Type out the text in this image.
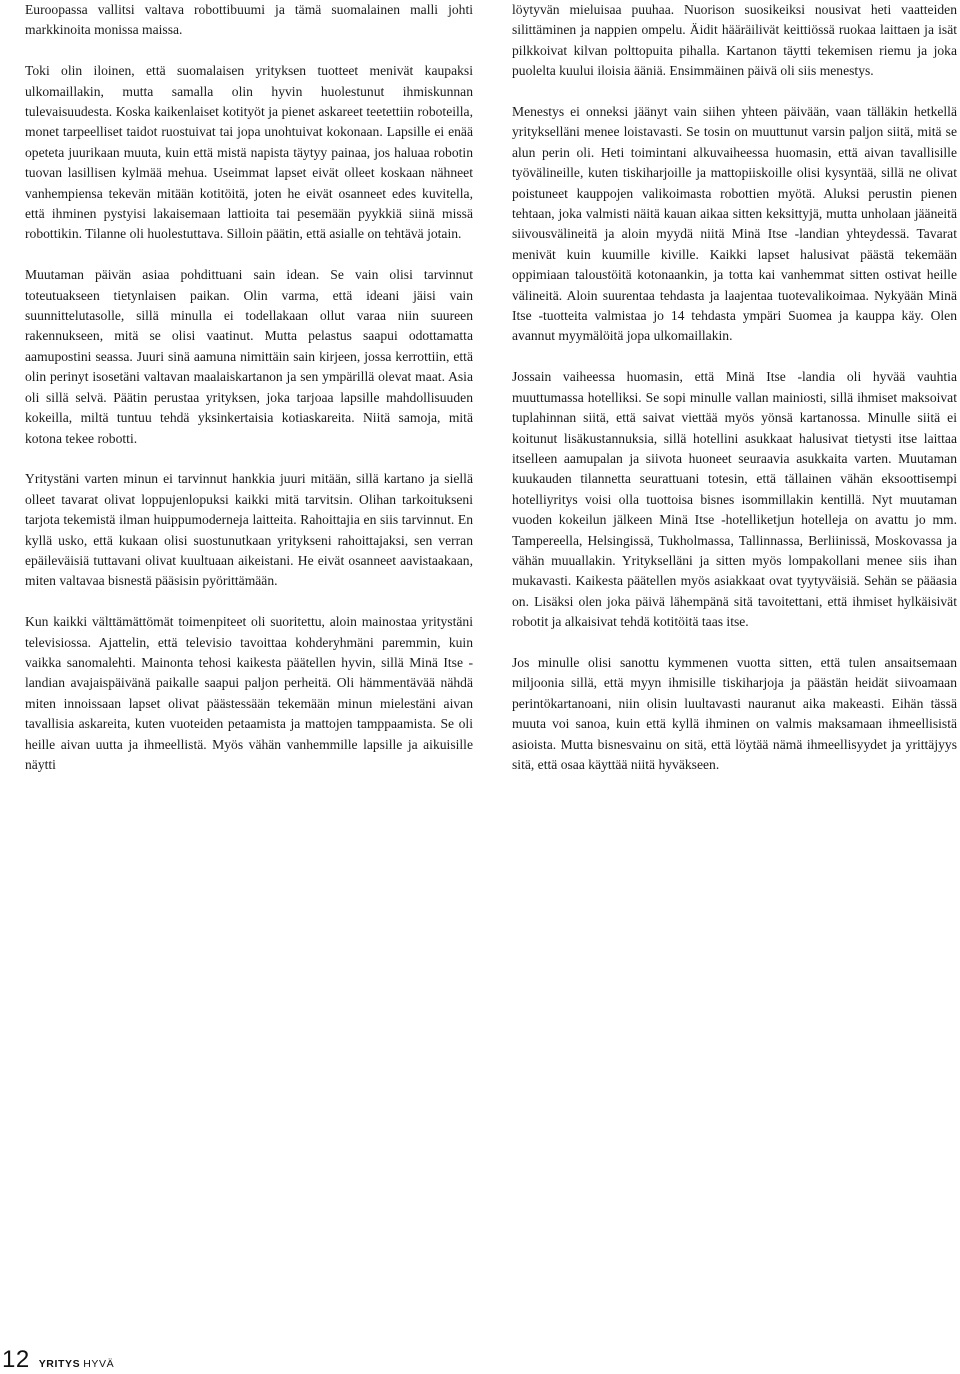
Euroopassa vallitsi valtava robottibuumi ja tämä suomalainen malli johti markkinoita monissa maissa.

Toki olin iloinen, että suomalaisen yrityksen tuotteet menivät kaupaksi ulkomaillakin, mutta samalla olin hyvin huolestunut ihmiskunnan tulevaisuudesta. Koska kaikenlaiset kotityöt ja pienet askareet teetettiin roboteilla, monet tarpeelliset taidot ruostuivat tai jopa unohtuivat kokonaan. Lapsille ei enää opeteta juurikaan muuta, kuin että mistä napista täytyy painaa, jos haluaa robotin tuovan lasillisen kylmää mehua. Useimmat lapset eivät olleet koskaan nähneet vanhempiensa tekevän mitään kotitöitä, joten he eivät osanneet edes kuvitella, että ihminen pystyisi lakaisemaan lattioita tai pesemään pyykkiä siinä missä robottikin. Tilanne oli huolestuttava. Silloin päätin, että asialle on tehtävä jotain.

Muutaman päivän asiaa pohdittuani sain idean. Se vain olisi tarvinnut toteutuakseen tietynlaisen paikan. Olin varma, että ideani jäisi vain suunnittelutasolle, sillä minulla ei todellakaan ollut varaa niin suureen rakennukseen, mitä se olisi vaatinut. Mutta pelastus saapui odottamatta aamupostini seassa. Juuri sinä aamuna nimittäin sain kirjeen, jossa kerrottiin, että olin perinyt isosetäni valtavan maalaiskartanon ja sen ympärillä olevat maat. Asia oli sillä selvä. Päätin perustaa yrityksen, joka tarjoaa lapsille mahdollisuuden kokeilla, miltä tuntuu tehdä yksinkertaisia kotiaskareita. Niitä samoja, mitä kotona tekee robotti.

Yritystäni varten minun ei tarvinnut hankkia juuri mitään, sillä kartano ja siellä olleet tavarat olivat loppujenlopuksi kaikki mitä tarvitsin. Olihan tarkoitukseni tarjota tekemistä ilman huippumoderneja laitteita. Rahoittajia en siis tarvinnut. En kyllä usko, että kukaan olisi suostunutkaan yritykseni rahoittajaksi, sen verran epäileväisiä tuttavani olivat kuultuaan aikeistani. He eivät osanneet aavistaakaan, miten valtavaa bisnestä pääsisin pyörittämään.

Kun kaikki välttämättömät toimenpiteet oli suoritettu, aloin mainostaa yritystäni televisiossa. Ajattelin, että televisio tavoittaa kohderyhmäni paremmin, kuin vaikka sanomalehti. Mainonta tehosi kaikesta päätellen hyvin, sillä Minä Itse -landian avajaispäivänä paikalle saapui paljon perheitä. Oli hämmentävää nähdä miten innoissaan lapset olivat päästessään tekemään minun mielestäni aivan tavallisia askareita, kuten vuoteiden petaamista ja mattojen tamppaamista. Se oli heille aivan uutta ja ihmeellistä. Myös vähän vanhemmille lapsille ja aikuisille näytti

löytyvän mieluisaa puuhaa. Nuorison suosikeiksi nousivat heti vaatteiden silittäminen ja nappien ompelu. Äidit hääräilivät keittiössä ruokaa laittaen ja isät pilkkoivat kilvan polttopuita pihalla. Kartanon täytti tekemisen riemu ja joka puolelta kuului iloisia ääniä. Ensimmäinen päivä oli siis menestys.

Menestys ei onneksi jäänyt vain siihen yhteen päivään, vaan tälläkin hetkellä yritykselläni menee loistavasti. Se tosin on muuttunut varsin paljon siitä, mitä se alun perin oli. Heti toimintani alkuvaiheessa huomasin, että aivan tavallisille työvälineille, kuten tiskiharjoille ja mattopiiskoille olisi kysyntää, sillä ne olivat poistuneet kauppojen valikoimasta robottien myötä. Aluksi perustin pienen tehtaan, joka valmisti näitä kauan aikaa sitten keksittyjä, mutta unholaan jääneitä siivousvälineitä ja aloin myydä niitä Minä Itse -landian yhteydessä. Tavarat menivät kuin kuumille kiville. Kaikki lapset halusivat päästä tekemään oppimiaan taloustöitä kotonaankin, ja totta kai vanhemmat sitten ostivat heille välineitä. Aloin suurentaa tehdasta ja laajentaa tuotevalikoimaa. Nykyään Minä Itse -tuotteita valmistaa jo 14 tehdasta ympäri Suomea ja kauppa käy. Olen avannut myymälöitä jopa ulkomaillakin.

Jossain vaiheessa huomasin, että Minä Itse -landia oli hyvää vauhtia muuttumassa hotelliksi. Se sopi minulle vallan mainiosti, sillä ihmiset maksoivat tuplahinnan siitä, että saivat viettää myös yönsä kartanossa. Minulle siitä ei koitunut lisäkustannuksia, sillä hotellini asukkaat halusivat tietysti itse laittaa itselleen aamupalan ja siivota huoneet seuraavia asukkaita varten. Muutaman kuukauden tilannetta seurattuani totesin, että tällainen vähän eksoottisempi hotelliyritys voisi olla tuottoisa bisnes isommillakin kentillä. Nyt muutaman vuoden kokeilun jälkeen Minä Itse -hotelliketjun hotelleja on avattu jo mm. Tampereella, Helsingissä, Tukholmassa, Tallinnassa, Berliinissä, Moskovassa ja vähän muuallakin. Yritykselläni ja sitten myös lompakollani menee siis ihan mukavasti. Kaikesta päätellen myös asiakkaat ovat tyytyväisiä. Sehän se pääasia on. Lisäksi olen joka päivä lähempänä sitä tavoitettani, että ihmiset hylkäisivät robotit ja alkaisivat tehdä kotitöitä taas itse.

Jos minulle olisi sanottu kymmenen vuotta sitten, että tulen ansaitsemaan miljoonia sillä, että myyn ihmisille tiskiharjoja ja päästän heidät siivoamaan perintökartanoani, niin olisin luultavasti nauranut aika makeasti. Eihän tässä muuta voi sanoa, kuin että kyllä ihminen on valmis maksamaan ihmeellisistä asioista. Mutta bisnesvainu on sitä, että löytää nämä ihmeellisyydet ja yrittäjyys sitä, että osaa käyttää niitä hyväkseen.

12 YRITYS HYVÄ
